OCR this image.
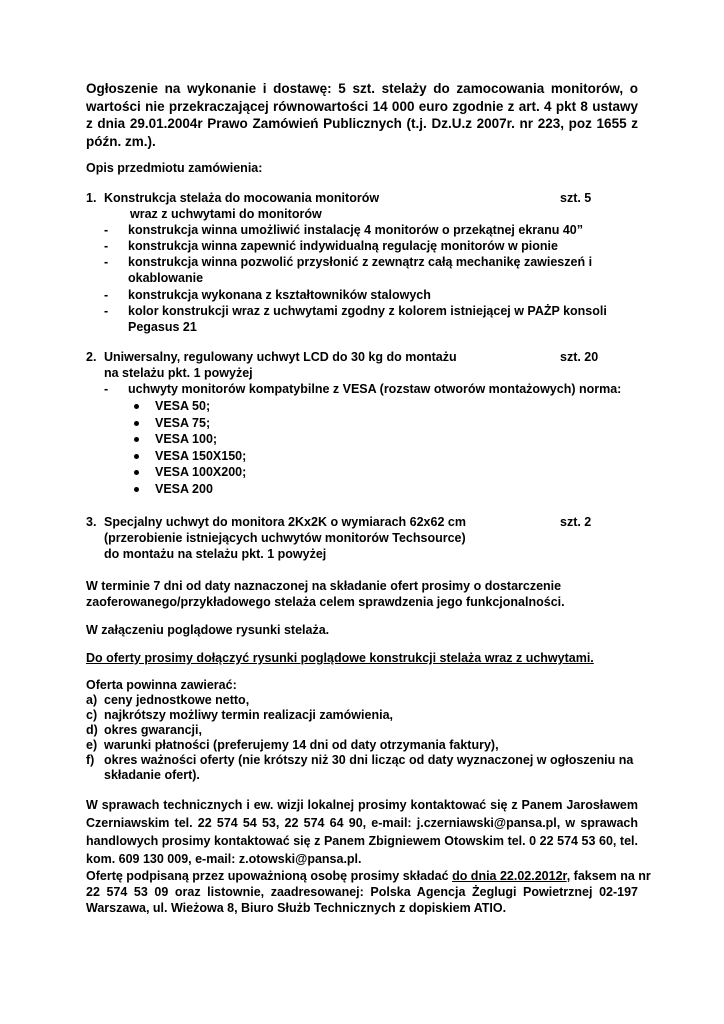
Ogłoszenie na wykonanie i dostawę: 5 szt. stelaży do zamocowania monitorów, o wartości nie przekraczającej równowartości 14 000 euro zgodnie z art. 4 pkt 8 ustawy z dnia 29.01.2004r Prawo Zamówień Publicznych (t.j. Dz.U.z 2007r. nr 223, poz 1655 z późn. zm.).
Opis przedmiotu zamówienia:
1. Konstrukcja stelaża do mocowania monitorów	szt. 5
wraz z uchwytami do monitorów
- konstrukcja winna umożliwić instalację 4 monitorów o przekątnej ekranu 40”
- konstrukcja winna zapewnić indywidualną regulację monitorów w pionie
- konstrukcja winna pozwolić przysłonić z zewnątrz całą mechanikę zawieszeń i
okablowanie
- konstrukcja wykonana z kształtowników stalowych
- kolor konstrukcji wraz z uchwytami zgodny z kolorem istniejącej w PAŻP konsoli
Pegasus 21
2. Uniwersalny, regulowany uchwyt LCD do 30 kg do montażu	szt. 20
na stelażu pkt. 1 powyżej
- uchwyty monitorów kompatybilne z VESA (rozstaw otworów montażowych) norma:
VESA 50;
VESA 75;
VESA 100;
VESA 150X150;
VESA 100X200;
VESA 200
3. Specjalny uchwyt do monitora 2Kx2K o wymiarach 62x62 cm	szt. 2
(przerobienie istniejących uchwytów monitorów Techsource)
do montażu na stelażu pkt. 1 powyżej
W terminie 7 dni od daty naznaczonej na składanie ofert prosimy o dostarczenie
zaoferowanego/przykładowego stelaża celem sprawdzenia jego funkcjonalności.
W załączeniu poglądowe rysunki stelaża.
Do oferty prosimy dołączyć rysunki poglądowe konstrukcji stelaża wraz z uchwytami.
Oferta powinna zawierać:
a) ceny jednostkowe netto,
c) najkrótszy możliwy termin realizacji zamówienia,
d) okres gwarancji,
e) warunki płatności (preferujemy 14 dni od daty otrzymania faktury),
f) okres ważności oferty (nie krótszy niż 30 dni licząc od daty wyznaczonej w ogłoszeniu na
składanie ofert).
W sprawach technicznych i ew. wizji lokalnej prosimy kontaktować się z Panem Jarosławem
Czerniawskim tel. 22 574 54 53, 22 574 64 90, e-mail: j.czerniawski@pansa.pl, w sprawach
handlowych prosimy kontaktować się z Panem Zbigniewem Otowskim tel. 0 22 574 53 60, tel.
kom. 609 130 009, e-mail: z.otowski@pansa.pl.
Ofertę podpisaną przez upoważnioną osobę prosimy składać do dnia 22.02.2012r, faksem na nr
22 574 53 09 oraz listownie, zaadresowanej: Polska Agencja Żeglugi Powietrznej 02-197
Warszawa, ul. Wieżowa 8, Biuro Służb Technicznych z dopiskiem ATIO.
